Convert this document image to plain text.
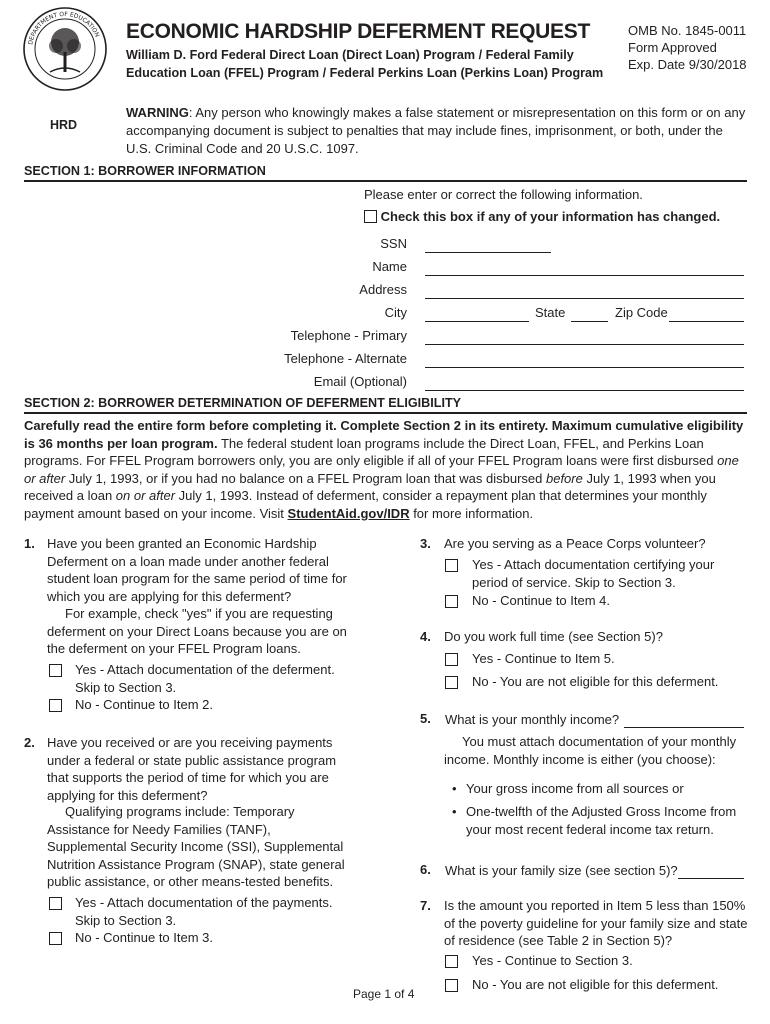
DEPARTMENT OF EDUCATION
HRD
ECONOMIC HARDSHIP DEFERMENT REQUEST
William D. Ford Federal Direct Loan (Direct Loan) Program / Federal Family
Education Loan (FFEL) Program / Federal Perkins Loan (Perkins Loan) Program
OMB No. 1845-0011
Form Approved
Exp. Date 9/30/2018
WARNING: Any person who knowingly makes a false statement or misrepresentation on this form or on any accompanying document is subject to penalties that may include fines, imprisonment, or both, under the U.S. Criminal Code and 20 U.S.C. 1097.
SECTION 1: BORROWER INFORMATION
Please enter or correct the following information.
Check this box if any of your information has changed.
SSN
Name
Address
City	State	Zip Code
Telephone - Primary
Telephone - Alternate
Email (Optional)
SECTION 2: BORROWER DETERMINATION OF DEFERMENT ELIGIBILITY
Carefully read the entire form before completing it. Complete Section 2 in its entirety. Maximum cumulative eligibility is 36 months per loan program. The federal student loan programs include the Direct Loan, FFEL, and Perkins Loan programs. For FFEL Program borrowers only, you are only eligible if all of your FFEL Program loans were first disbursed one or after July 1, 1993, or if you had no balance on a FFEL Program loan that was disbursed before July 1, 1993 when you received a loan on or after July 1, 1993. Instead of deferment, consider a repayment plan that determines your monthly payment amount based on your income. Visit StudentAid.gov/IDR for more information.
1. Have you been granted an Economic Hardship Deferment on a loan made under another federal student loan program for the same period of time for which you are applying for this deferment?
For example, check "yes" if you are requesting deferment on your Direct Loans because you are on the deferment on your FFEL Program loans.
Yes - Attach documentation of the deferment. Skip to Section 3.
No - Continue to Item 2.
2. Have you received or are you receiving payments under a federal or state public assistance program that supports the period of time for which you are applying for this deferment?
Qualifying programs include: Temporary Assistance for Needy Families (TANF), Supplemental Security Income (SSI), Supplemental Nutrition Assistance Program (SNAP), state general public assistance, or other means-tested benefits.
Yes - Attach documentation of the payments. Skip to Section 3.
No - Continue to Item 3.
3. Are you serving as a Peace Corps volunteer?
Yes - Attach documentation certifying your period of service. Skip to Section 3.
No - Continue to Item 4.
4. Do you work full time (see Section 5)?
Yes - Continue to Item 5.
No - You are not eligible for this deferment.
5. What is your monthly income?
You must attach documentation of your monthly income. Monthly income is either (you choose):
• Your gross income from all sources or
• One-twelfth of the Adjusted Gross Income from your most recent federal income tax return.
6. What is your family size (see section 5)?
7. Is the amount you reported in Item 5 less than 150% of the poverty guideline for your family size and state of residence (see Table 2 in Section 5)?
Yes - Continue to Section 3.
No - You are not eligible for this deferment.
Page 1 of 4
